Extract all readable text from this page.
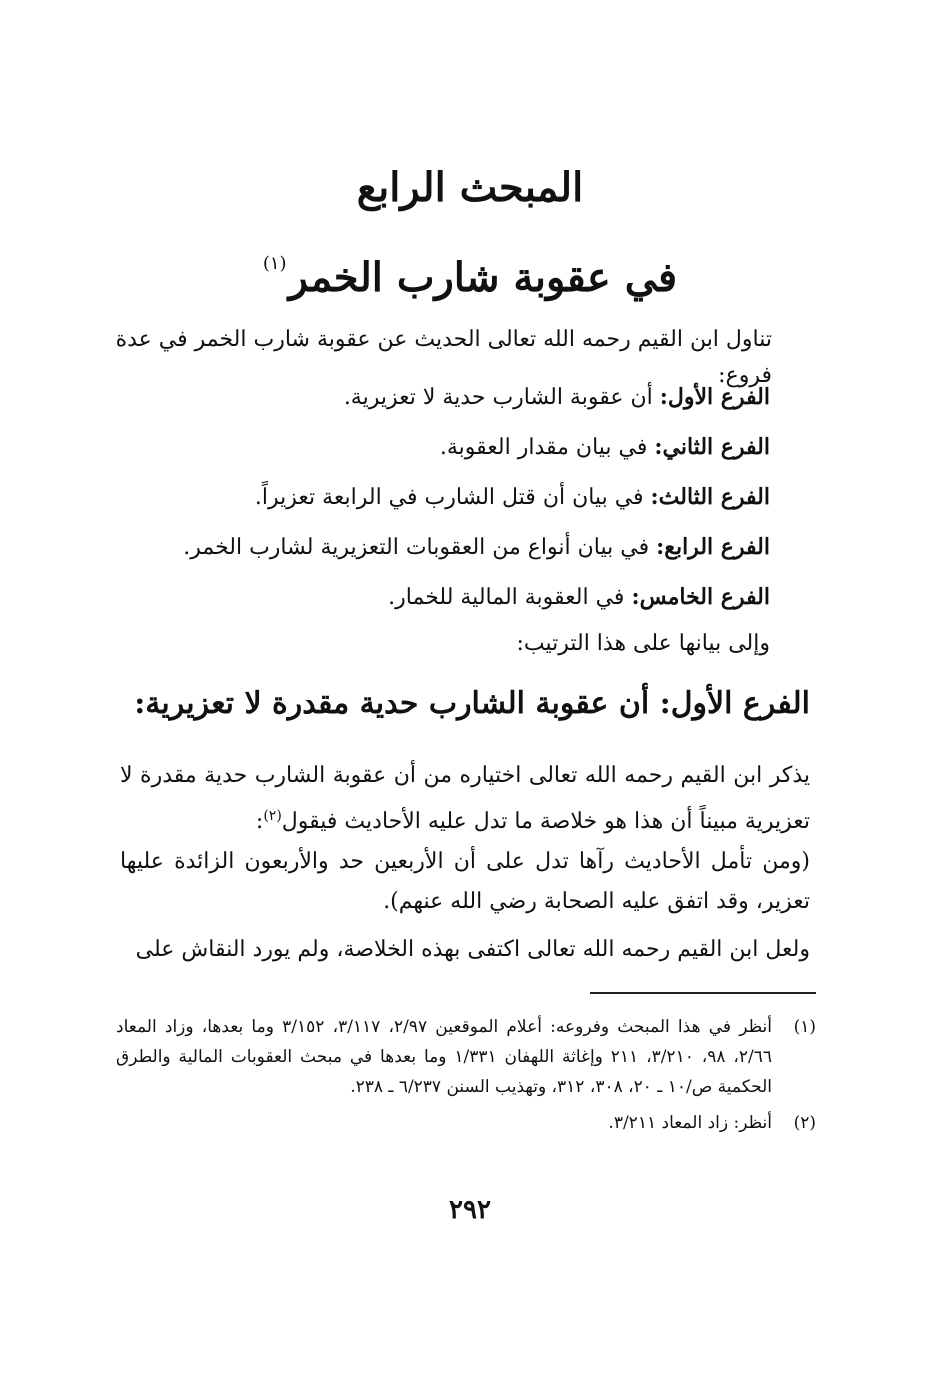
المبحث الرابع
في عقوبة شارب الخمر$^{(١)}$
تناول ابن القيم رحمه الله تعالى الحديث عن عقوبة شارب الخمر في عدة فروع:
الفرع الأول: أن عقوبة الشارب حدية لا تعزيرية.
الفرع الثاني: في بيان مقدار العقوبة.
الفرع الثالث: في بيان أن قتل الشارب في الرابعة تعزيراً.
الفرع الرابع: في بيان أنواع من العقوبات التعزيرية لشارب الخمر.
الفرع الخامس: في العقوبة المالية للخمار.
وإلى بيانها على هذا الترتيب:
الفرع الأول: أن عقوبة الشارب حدية مقدرة لا تعزيرية:
يذكر ابن القيم رحمه الله تعالى اختياره من أن عقوبة الشارب حدية مقدرة لا تعزيرية مبيناً أن هذا هو خلاصة ما تدل عليه الأحاديث فيقول$^{(٢)}$:
(ومن تأمل الأحاديث رآها تدل على أن الأربعين حد والأربعون الزائدة عليها تعزير، وقد اتفق عليه الصحابة رضي الله عنهم).
ولعل ابن القيم رحمه الله تعالى اكتفى بهذه الخلاصة، ولم يورد النقاش على
(١)
أنظر في هذا المبحث وفروعه: أعلام الموقعين ٢/٩٧، ٣/١١٧، ٣/١٥٢ وما بعدها، وزاد المعاد ٢/٦٦، ٩٨، ٣/٢١٠، ٢١١ وإغاثة اللهفان ١/٣٣١ وما بعدها في مبحث العقوبات المالية والطرق الحكمية ص/١٠ ـ ٢٠، ٣٠٨، ٣١٢، وتهذيب السنن ٦/٢٣٧ ـ ٢٣٨.
(٢)
أنظر: زاد المعاد ٣/٢١١.
٢٩٢
